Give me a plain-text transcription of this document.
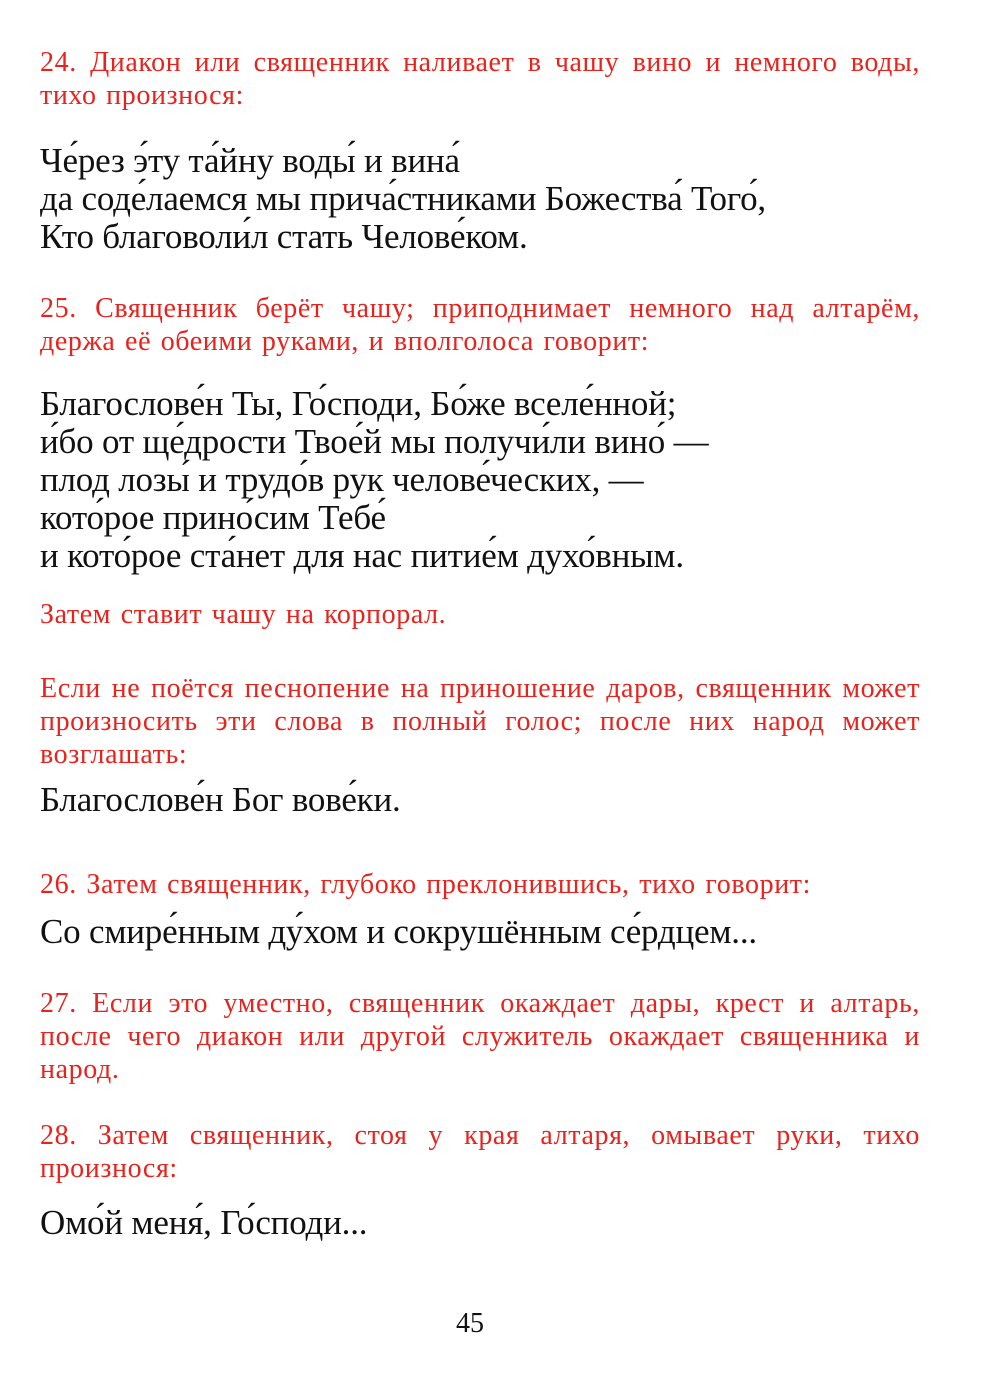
24. Диакон или священник наливает в чашу вино и немного воды, тихо произнося:
Че́рез э́ту та́йну воды́ и вина́
да соде́лаемся мы прича́стниками Божества́ Того́,
Кто благоволи́л стать Челове́ком.
25. Священник берёт чашу; приподнимает немного над алтарём, держа её обеими руками, и вполголоса говорит:
Благослове́н Ты, Го́споди, Бо́же вселе́нной;
и́бо от ще́дрости Твое́й мы получи́ли вино́ —
плод лозы́ и трудо́в рук челове́ческих, —
кото́рое прино́сим Тебе́
и кото́рое ста́нет для нас питие́м духо́вным.
Затем ставит чашу на корпорал.
Если не поётся песнопение на приношение даров, священник может произносить эти слова в полный голос; после них народ может возглашать:
Благослове́н Бог вове́ки.
26. Затем священник, глубоко преклонившись, тихо говорит:
Со смире́нным ду́хом и сокрушённым се́рдцем...
27. Если это уместно, священник окаждает дары, крест и алтарь, после чего диакон или другой служитель окаждает священника и народ.
28. Затем священник, стоя у края алтаря, омывает руки, тихо произнося:
Омо́й меня́, Го́споди...
45
